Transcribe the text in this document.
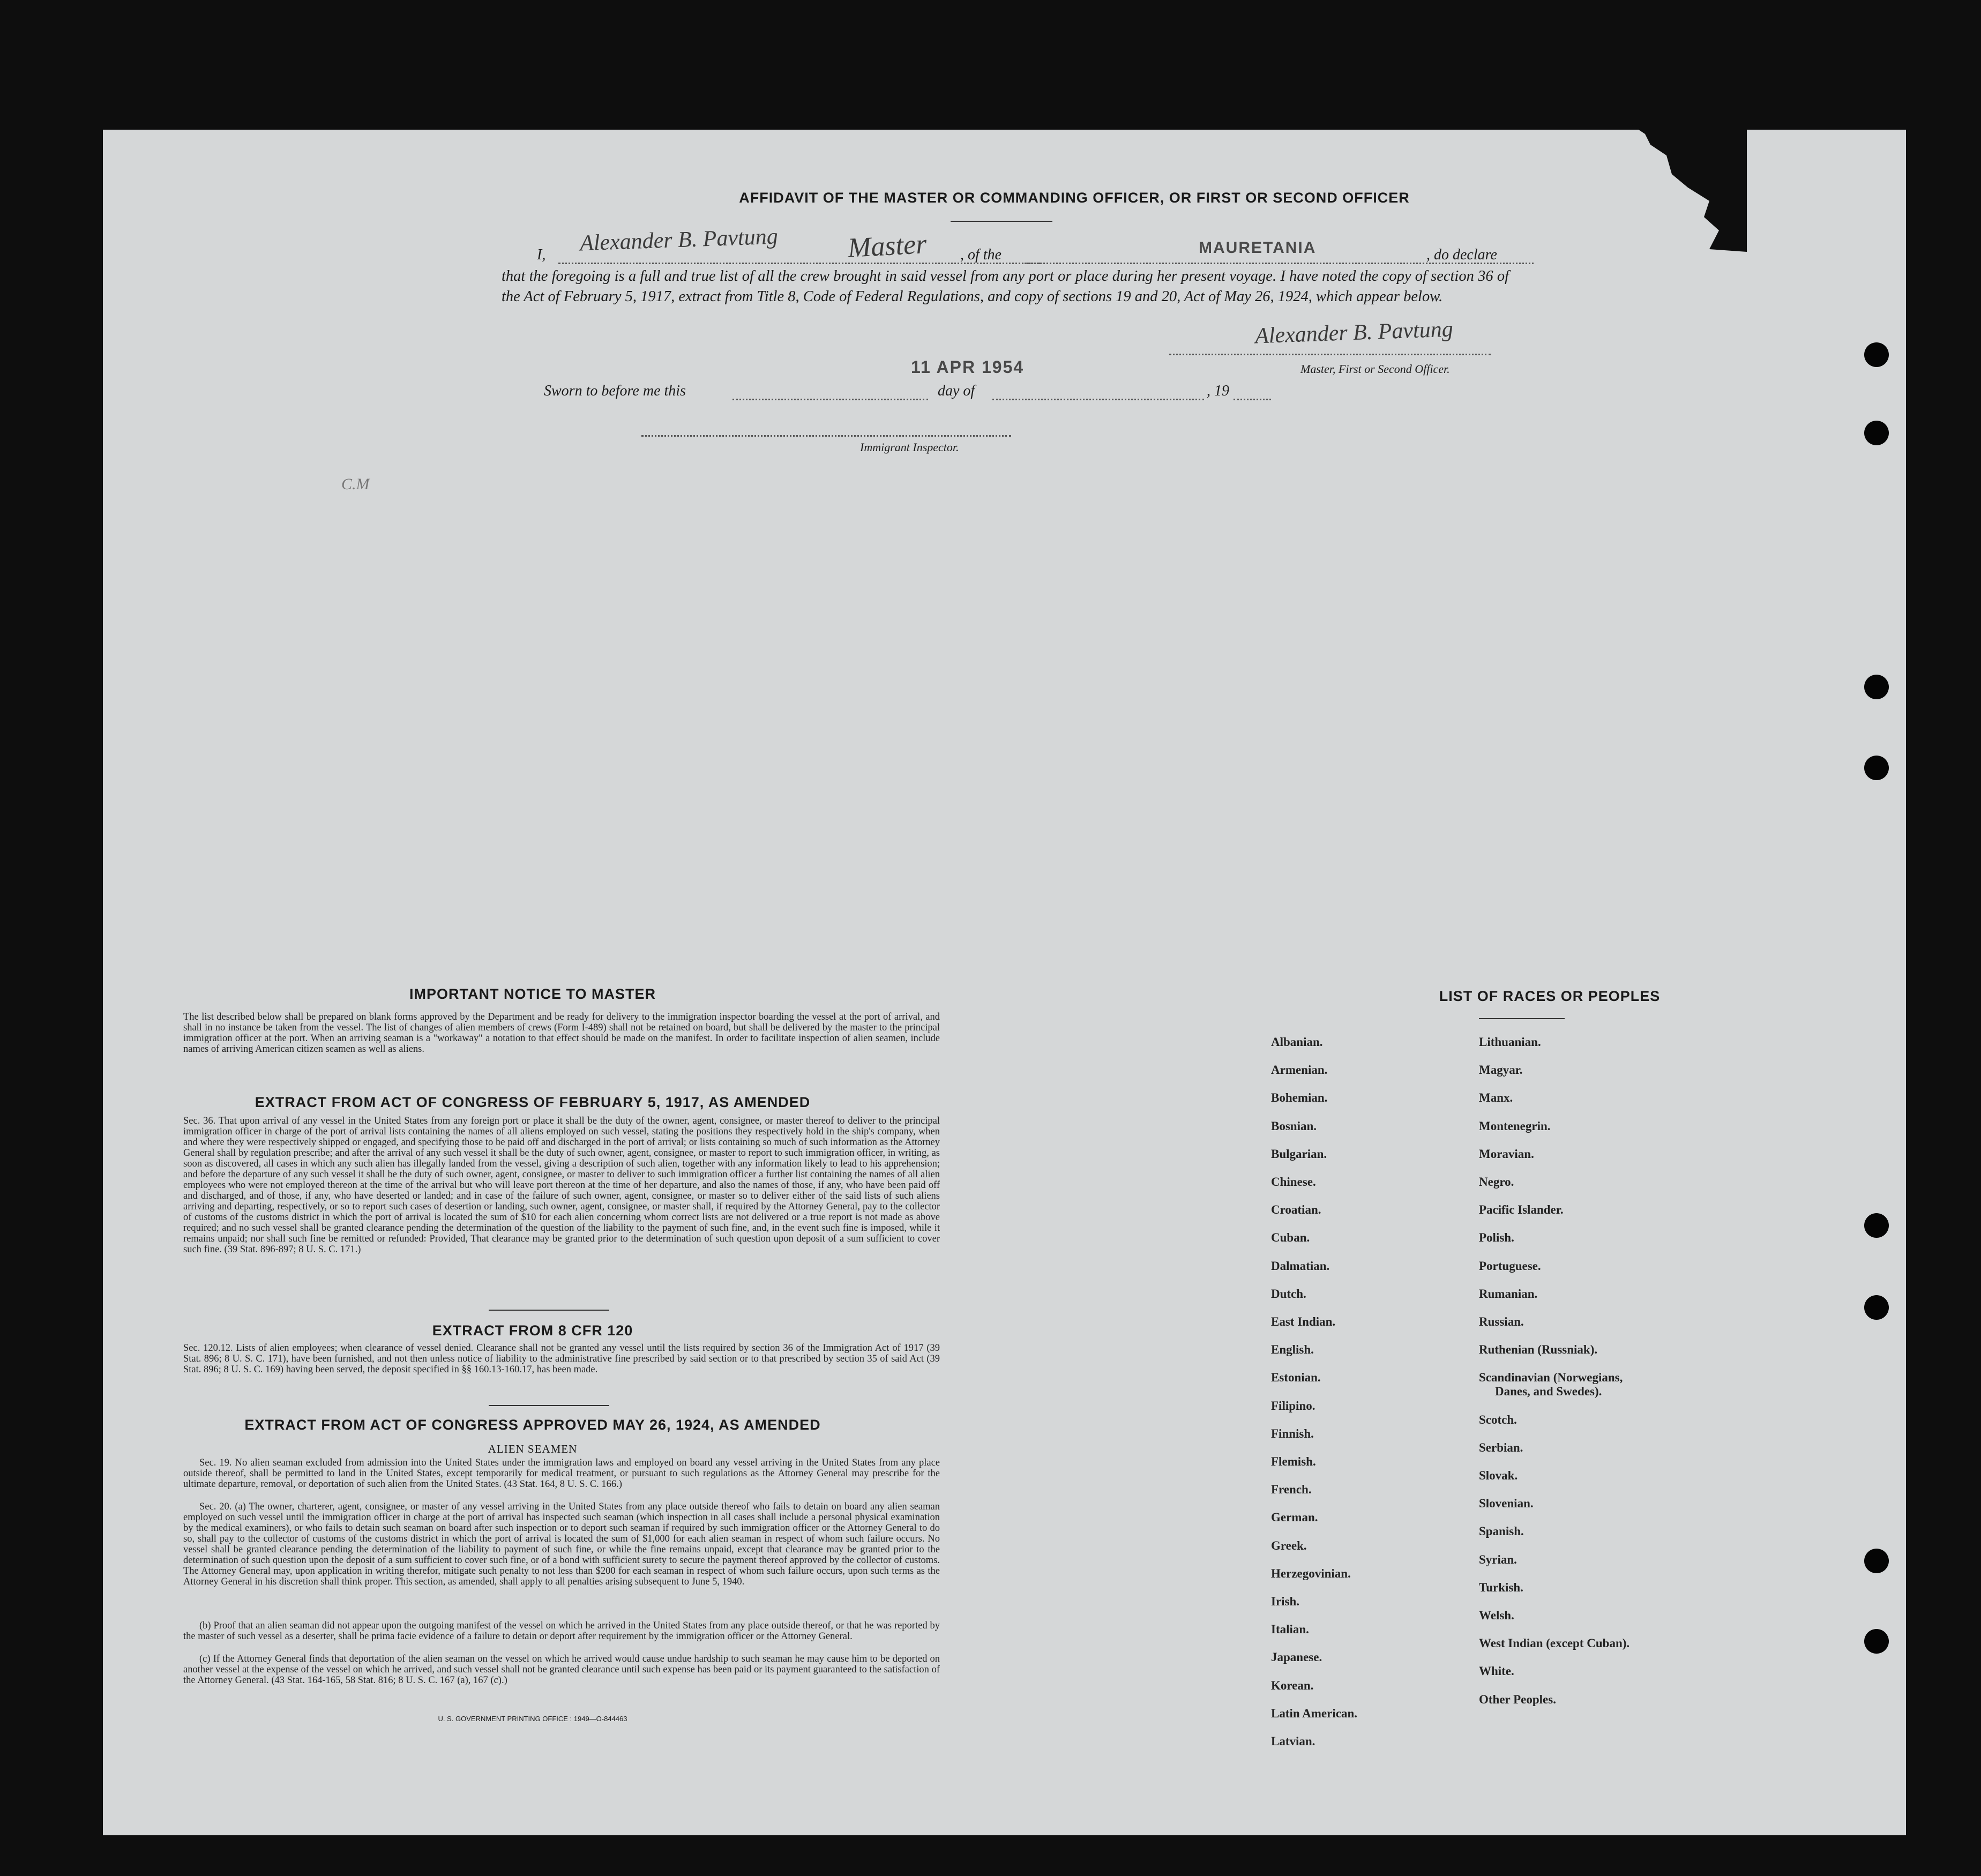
AFFIDAVIT OF THE MASTER OR COMMANDING OFFICER, OR FIRST OR SECOND OFFICER
I, Alexander B. Pavtung Master , of the	MAURETANIA	, do declare
that the foregoing is a full and true list of all the crew brought in said vessel from any port or place during her present voyage. I have noted the copy of section 36 of the Act of February 5, 1917, extract from Title 8, Code of Federal Regulations, and copy of sections 19 and 20, Act of May 26, 1924, which appear below.
Alexander B. Pavtung
Master, First or Second Officer.
11 APR 1954
Sworn to before me this	day of	, 19
Immigrant Inspector.
C.M
IMPORTANT NOTICE TO MASTER
The list described below shall be prepared on blank forms approved by the Department and be ready for delivery to the immigration inspector boarding the vessel at the port of arrival, and shall in no instance be taken from the vessel. The list of changes of alien members of crews (Form I-489) shall not be retained on board, but shall be delivered by the master to the principal immigration officer at the port. When an arriving seaman is a "workaway" a notation to that effect should be made on the manifest. In order to facilitate inspection of alien seamen, include names of arriving American citizen seamen as well as aliens.
EXTRACT FROM ACT OF CONGRESS OF FEBRUARY 5, 1917, AS AMENDED
Sec. 36. That upon arrival of any vessel in the United States from any foreign port or place it shall be the duty of the owner, agent, consignee, or master thereof to deliver to the principal immigration officer in charge of the port of arrival lists containing the names of all aliens employed on such vessel, stating the positions they respectively hold in the ship's company, when and where they were respectively shipped or engaged, and specifying those to be paid off and discharged in the port of arrival; or lists containing so much of such information as the Attorney General shall by regulation prescribe; and after the arrival of any such vessel it shall be the duty of such owner, agent, consignee, or master to report to such immigration officer, in writing, as soon as discovered, all cases in which any such alien has illegally landed from the vessel, giving a description of such alien, together with any information likely to lead to his apprehension; and before the departure of any such vessel it shall be the duty of such owner, agent, consignee, or master to deliver to such immigration officer a further list containing the names of all alien employees who were not employed thereon at the time of the arrival but who will leave port thereon at the time of her departure, and also the names of those, if any, who have been paid off and discharged, and of those, if any, who have deserted or landed; and in case of the failure of such owner, agent, consignee, or master so to deliver either of the said lists of such aliens arriving and departing, respectively, or so to report such cases of desertion or landing, such owner, agent, consignee, or master shall, if required by the Attorney General, pay to the collector of customs of the customs district in which the port of arrival is located the sum of $10 for each alien concerning whom correct lists are not delivered or a true report is not made as above required; and no such vessel shall be granted clearance pending the determination of the question of the liability to the payment of such fine, and, in the event such fine is imposed, while it remains unpaid; nor shall such fine be remitted or refunded: Provided, That clearance may be granted prior to the determination of such question upon deposit of a sum sufficient to cover such fine. (39 Stat. 896-897; 8 U. S. C. 171.)
EXTRACT FROM 8 CFR 120
Sec. 120.12. Lists of alien employees; when clearance of vessel denied. Clearance shall not be granted any vessel until the lists required by section 36 of the Immigration Act of 1917 (39 Stat. 896; 8 U. S. C. 171), have been furnished, and not then unless notice of liability to the administrative fine prescribed by said section or to that prescribed by section 35 of said Act (39 Stat. 896; 8 U. S. C. 169) having been served, the deposit specified in §§ 160.13-160.17, has been made.
EXTRACT FROM ACT OF CONGRESS APPROVED MAY 26, 1924, AS AMENDED
ALIEN SEAMEN
Sec. 19. No alien seaman excluded from admission into the United States under the immigration laws and employed on board any vessel arriving in the United States from any place outside thereof, shall be permitted to land in the United States, except temporarily for medical treatment, or pursuant to such regulations as the Attorney General may prescribe for the ultimate departure, removal, or deportation of such alien from the United States. (43 Stat. 164, 8 U. S. C. 166.)
Sec. 20. (a) The owner, charterer, agent, consignee, or master of any vessel arriving in the United States from any place outside thereof who fails to detain on board any alien seaman employed on such vessel until the immigration officer in charge at the port of arrival has inspected such seaman (which inspection in all cases shall include a personal physical examination by the medical examiners), or who fails to detain such seaman on board after such inspection or to deport such seaman if required by such immigration officer or the Attorney General to do so, shall pay to the collector of customs of the customs district in which the port of arrival is located the sum of $1,000 for each alien seaman in respect of whom such failure occurs. No vessel shall be granted clearance pending the determination of the liability to payment of such fine, or while the fine remains unpaid, except that clearance may be granted prior to the determination of such question upon the deposit of a sum sufficient to cover such fine, or of a bond with sufficient surety to secure the payment thereof approved by the collector of customs. The Attorney General may, upon application in writing therefor, mitigate such penalty to not less than $200 for each seaman in respect of whom such failure occurs, upon such terms as the Attorney General in his discretion shall think proper. This section, as amended, shall apply to all penalties arising subsequent to June 5, 1940.
(b) Proof that an alien seaman did not appear upon the outgoing manifest of the vessel on which he arrived in the United States from any place outside thereof, or that he was reported by the master of such vessel as a deserter, shall be prima facie evidence of a failure to detain or deport after requirement by the immigration officer or the Attorney General.
(c) If the Attorney General finds that deportation of the alien seaman on the vessel on which he arrived would cause undue hardship to such seaman he may cause him to be deported on another vessel at the expense of the vessel on which he arrived, and such vessel shall not be granted clearance until such expense has been paid or its payment guaranteed to the satisfaction of the Attorney General. (43 Stat. 164-165, 58 Stat. 816; 8 U. S. C. 167 (a), 167 (c).)
U. S. GOVERNMENT PRINTING OFFICE : 1949—O-844463
LIST OF RACES OR PEOPLES
Albanian.
Armenian.
Bohemian.
Bosnian.
Bulgarian.
Chinese.
Croatian.
Cuban.
Dalmatian.
Dutch.
East Indian.
English.
Estonian.
Filipino.
Finnish.
Flemish.
French.
German.
Greek.
Herzegovinian.
Irish.
Italian.
Japanese.
Korean.
Latin American.
Latvian.
Lithuanian.
Magyar.
Manx.
Montenegrin.
Moravian.
Negro.
Pacific Islander.
Polish.
Portuguese.
Rumanian.
Russian.
Ruthenian (Russniak).
Scandinavian (Norwegians,
Danes, and Swedes).
Scotch.
Serbian.
Slovak.
Slovenian.
Spanish.
Syrian.
Turkish.
Welsh.
West Indian (except Cuban).
White.
Other Peoples.
